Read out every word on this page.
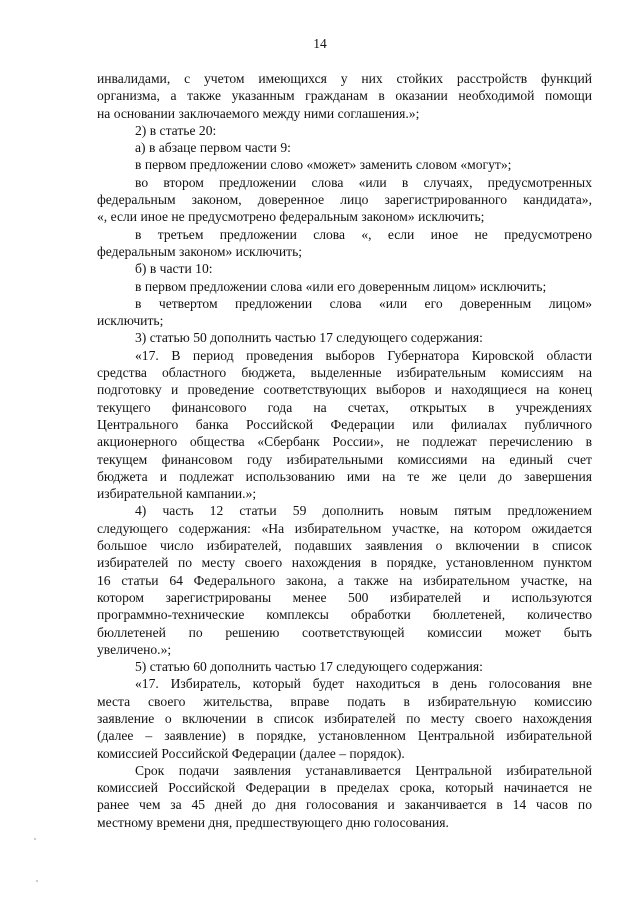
14

инвалидами, с учетом имеющихся у них стойких расстройств функций

организма, а также указанным гражданам в оказании необходимой помощи

на основании заключаемого между ними соглашения.»;

2) в статье 20:

а) в абзаце первом части 9:

в первом предложении слово «может» заменить словом «могут»;

во втором предложении слова «или в случаях, предусмотренных

федеральным законом, доверенное лицо зарегистрированного кандидата»,

«, если иное не предусмотрено федеральным законом» исключить;

в третьем предложении слова «, если иное не предусмотрено

федеральным законом» исключить;

б) в части 10:

в первом предложении слова «или его доверенным лицом» исключить;

в четвертом предложении слова «или его доверенным лицом»

исключить;

3) статью 50 дополнить частью 17 следующего содержания:

«17. В период проведения выборов Губернатора Кировской области

средства областного бюджета, выделенные избирательным комиссиям на

подготовку и проведение соответствующих выборов и находящиеся на конец

текущего финансового года на счетах, открытых в учреждениях

Центрального банка Российской Федерации или филиалах публичного

акционерного общества «Сбербанк России», не подлежат перечислению в

текущем финансовом году избирательными комиссиями на единый счет

бюджета и подлежат использованию ими на те же цели до завершения

избирательной кампании.»;

4) часть 12 статьи 59 дополнить новым пятым предложением

следующего содержания: «На избирательном участке, на котором ожидается

большое число избирателей, подавших заявления о включении в список

избирателей по месту своего нахождения в порядке, установленном пунктом

16 статьи 64 Федерального закона, а также на избирательном участке, на

котором зарегистрированы менее 500 избирателей и используются

программно-технические комплексы обработки бюллетеней, количество

бюллетеней по решению соответствующей комиссии может быть

увеличено.»;

5) статью 60 дополнить частью 17 следующего содержания:

«17. Избиратель, который будет находиться в день голосования вне

места своего жительства, вправе подать в избирательную комиссию

заявление о включении в список избирателей по месту своего нахождения

(далее – заявление) в порядке, установленном Центральной избирательной

комиссией Российской Федерации (далее – порядок).

Срок подачи заявления устанавливается Центральной избирательной

комиссией Российской Федерации в пределах срока, который начинается не

ранее чем за 45 дней до дня голосования и заканчивается в 14 часов по

местному времени дня, предшествующего дню голосования.
